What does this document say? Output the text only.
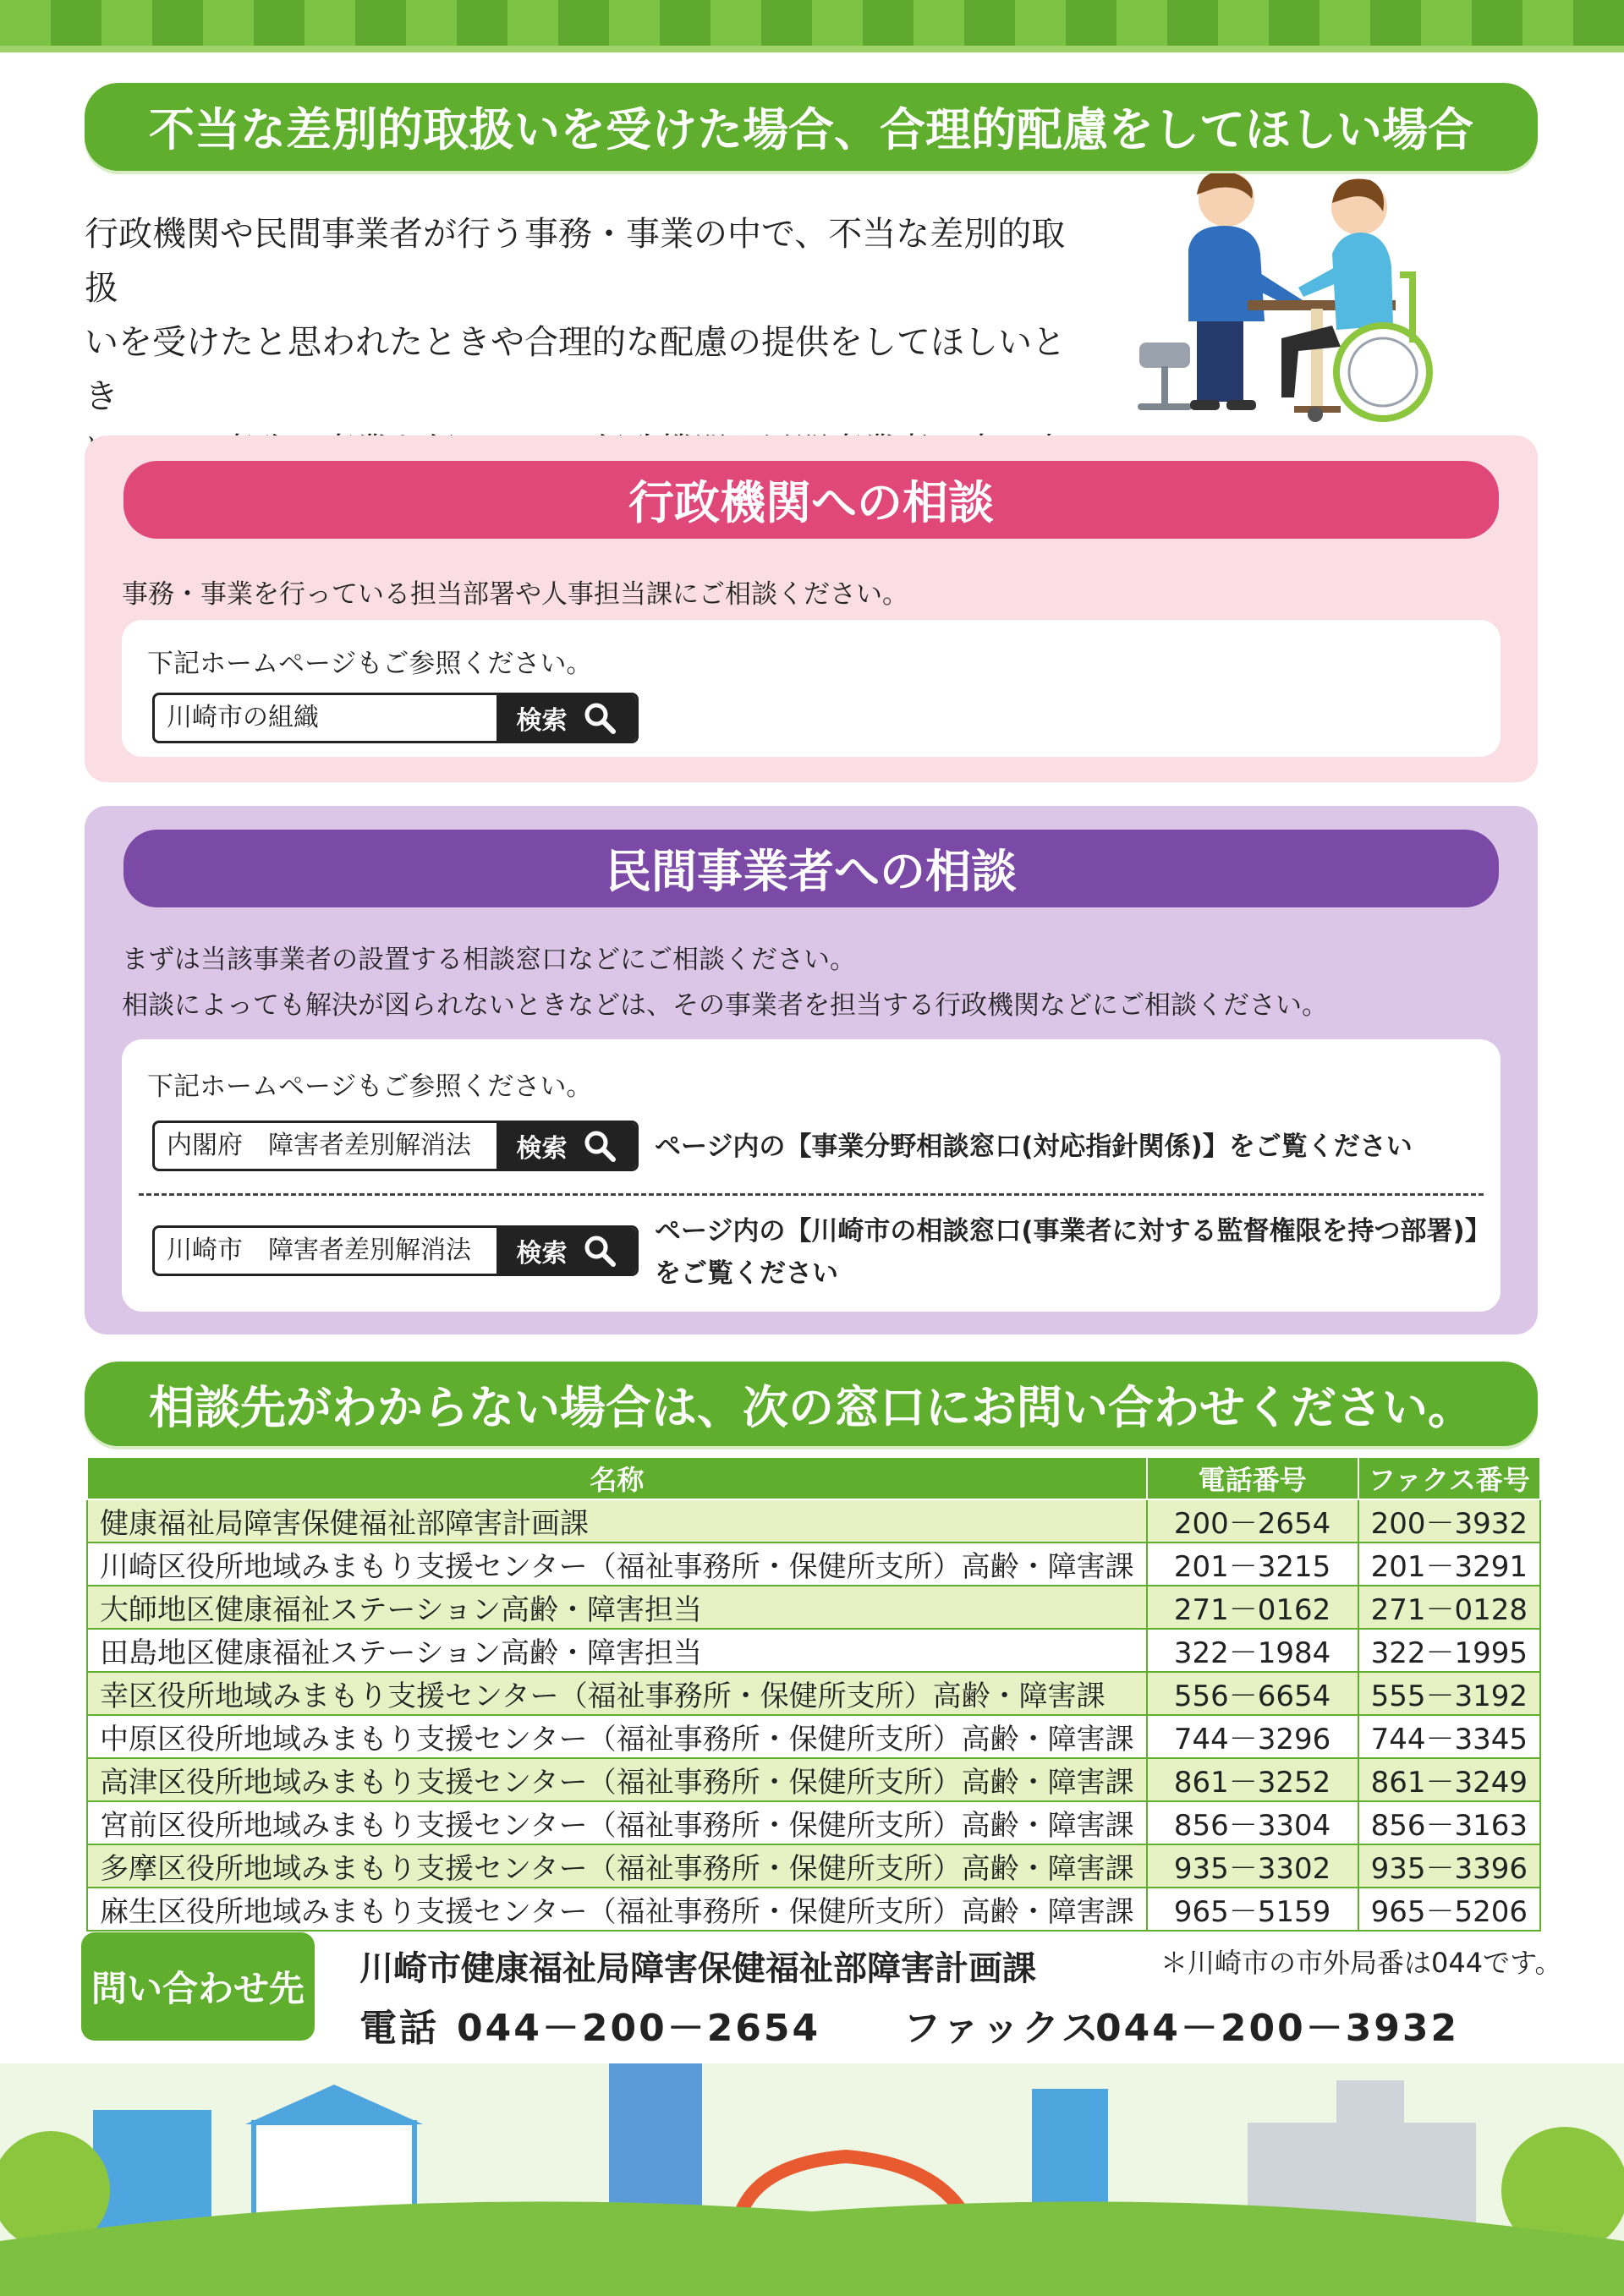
不当な差別的取扱いを受けた場合、合理的配慮をしてほしい場合
行政機関や民間事業者が行う事務・事業の中で、不当な差別的取扱
いを受けたと思われたときや合理的な配慮の提供をしてほしいとき
行政機関への相談
事務・事業を行っている担当部署や人事担当課にご相談ください。
下記ホームページもご参照ください。
川崎市の組織	検索
民間事業者への相談
まずは当該事業者の設置する相談窓口などにご相談ください。
相談によっても解決が図られないときなどは、その事業者を担当する行政機関などにご相談ください。
下記ホームページもご参照ください。
内閣府　障害者差別解消法	検索	ページ内の【事業分野相談窓口(対応指針関係)】をご覧ください
川崎市　障害者差別解消法	検索
ページ内の【川崎市の相談窓口(事業者に対する監督権限を持つ部署)】をご覧ください
相談先がわからない場合は、次の窓口にお問い合わせください。
名称	電話番号	ファクス番号
健康福祉局障害保健福祉部障害計画課	200－2654	200－3932
川崎区役所地域みまもり支援センター（福祉事務所・保健所支所）高齢・障害課	201－3215	201－3291
大師地区健康福祉ステーション高齢・障害担当	271－0162	271－0128
田島地区健康福祉ステーション高齢・障害担当	322－1984	322－1995
幸区役所地域みまもり支援センター（福祉事務所・保健所支所）高齢・障害課	556－6654	555－3192
中原区役所地域みまもり支援センター（福祉事務所・保健所支所）高齢・障害課	744－3296	744－3345
高津区役所地域みまもり支援センター（福祉事務所・保健所支所）高齢・障害課	861－3252	861－3249
宮前区役所地域みまもり支援センター（福祉事務所・保健所支所）高齢・障害課	856－3304	856－3163
多摩区役所地域みまもり支援センター（福祉事務所・保健所支所）高齢・障害課	935－3302	935－3396
麻生区役所地域みまもり支援センター（福祉事務所・保健所支所）高齢・障害課	965－5159	965－5206
問い合わせ先 川崎市健康福祉局障害保健福祉部障害計画課	＊川崎市の市外局番は044です。
電話 044－200－2654 ファックス
044－200－3932
